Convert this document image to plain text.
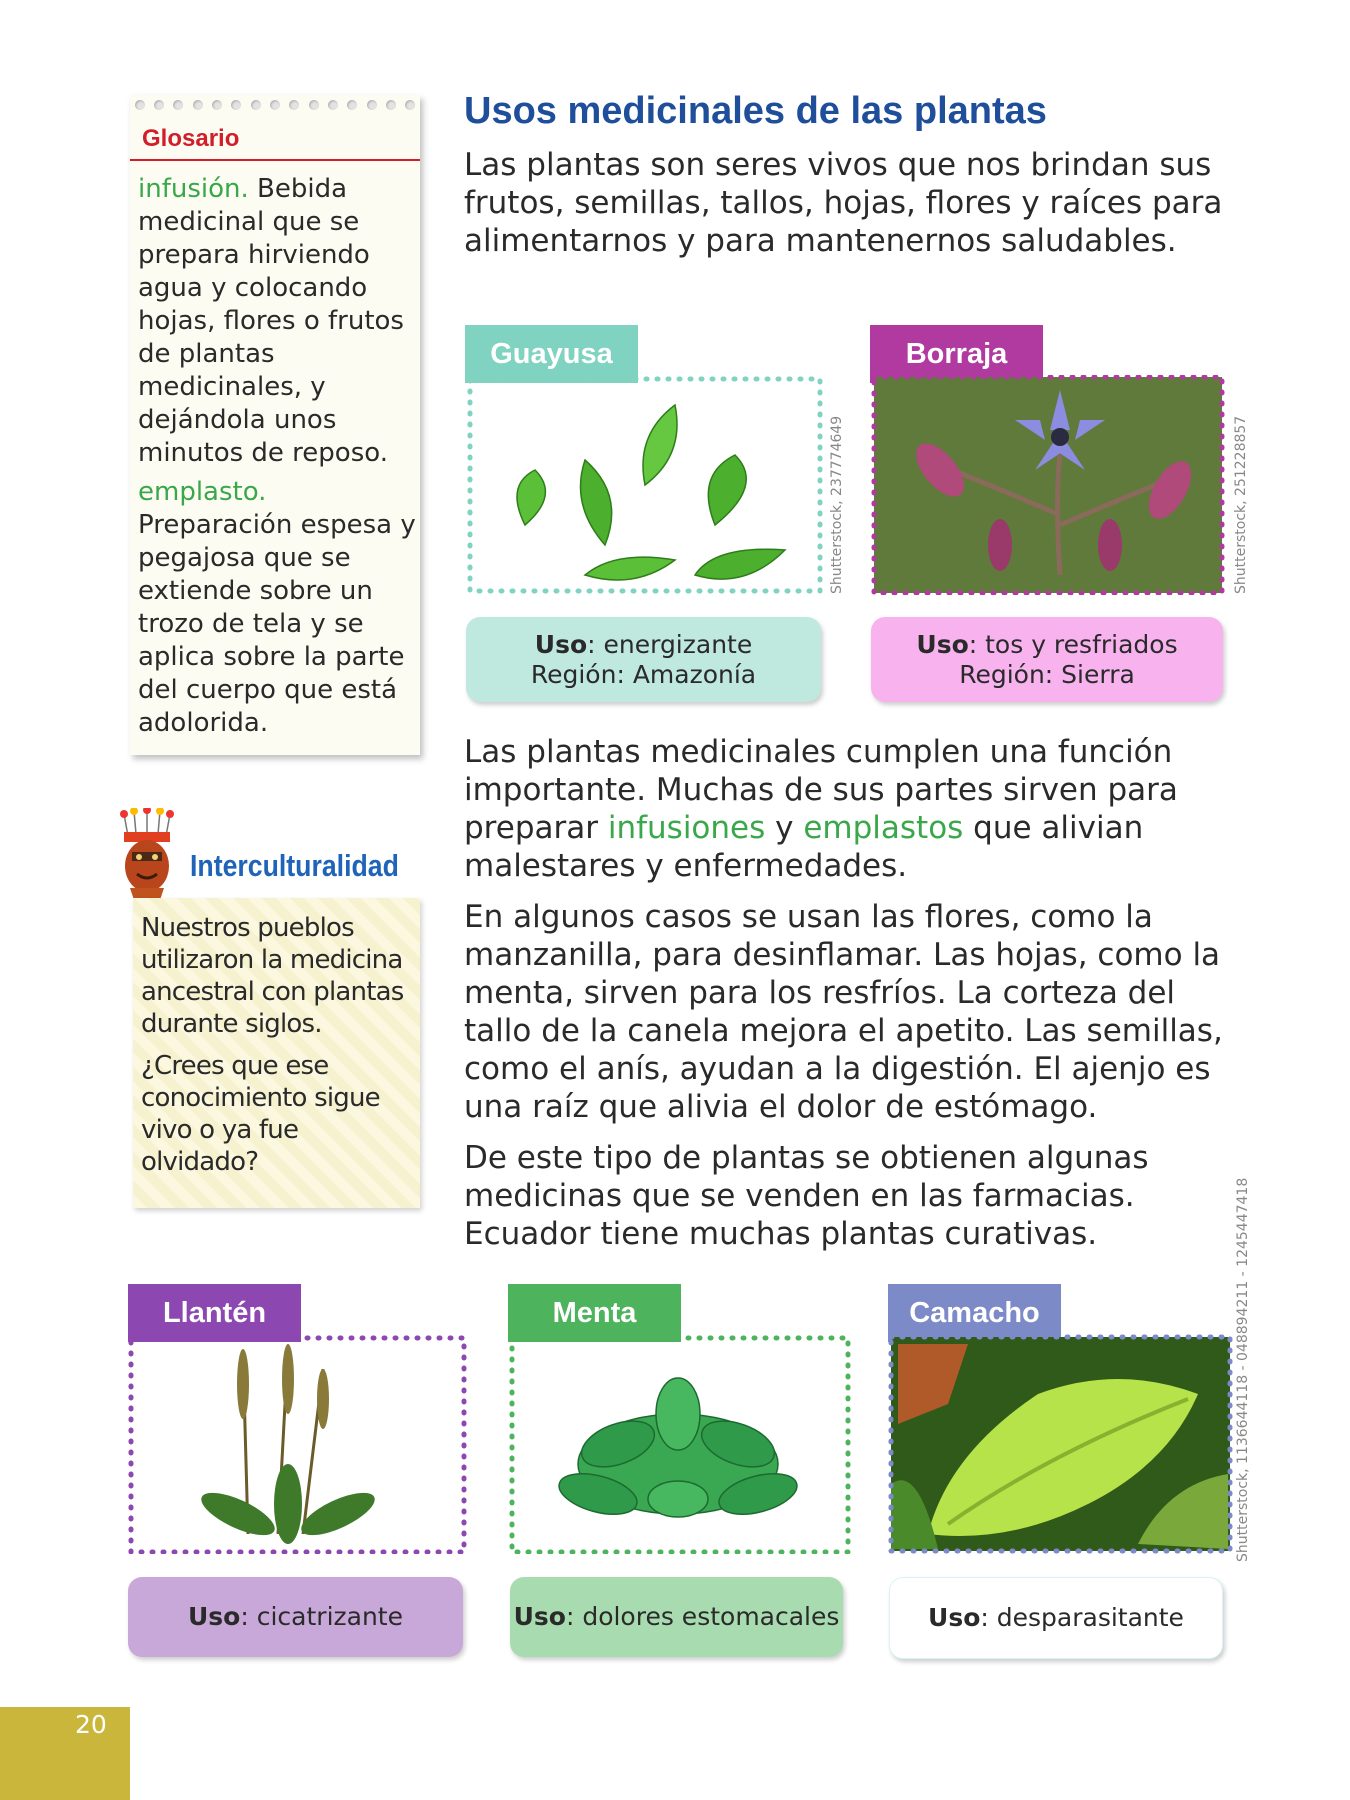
Glosario

infusión. Bebida medicinal que se prepara hirviendo agua y colocando hojas, flores o frutos de plantas medicinales, y dejándola unos minutos de reposo.

emplasto.
Preparación espesa y pegajosa que se extiende sobre un trozo de tela y se aplica sobre la parte del cuerpo que está adolorida.

Interculturalidad

Nuestros pueblos utilizaron la medicina ancestral con plantas durante siglos.

¿Crees que ese conocimiento sigue vivo o ya fue olvidado?

Usos medicinales de las plantas

Las plantas son seres vivos que nos brindan sus frutos, semillas, tallos, hojas, flores y raíces para alimentarnos y para mantenernos saludables.

Guayusa
Shutterstock, 237774649
Uso: energizante
Región: Amazonía
Borraja
Shutterstock, 251228857
Uso: tos y resfriados
Región: Sierra

Las plantas medicinales cumplen una función importante. Muchas de sus partes sirven para preparar infusiones y emplastos que alivian malestares y enfermedades.

En algunos casos se usan las flores, como la manzanilla, para desinflamar. Las hojas, como la menta, sirven para los resfríos. La corteza del tallo de la canela mejora el apetito. Las semillas, como el anís, ayudan a la digestión. El ajenjo es una raíz que alivia el dolor de estómago.

De este tipo de plantas se obtienen algunas medicinas que se venden en las farmacias. Ecuador tiene muchas plantas curativas.

Llantén
Uso: cicatrizante
Menta
Uso: dolores estomacales
Camacho
Uso: desparasitante
Shutterstock, 1136644118 - 048894211 - 1245447418
20
